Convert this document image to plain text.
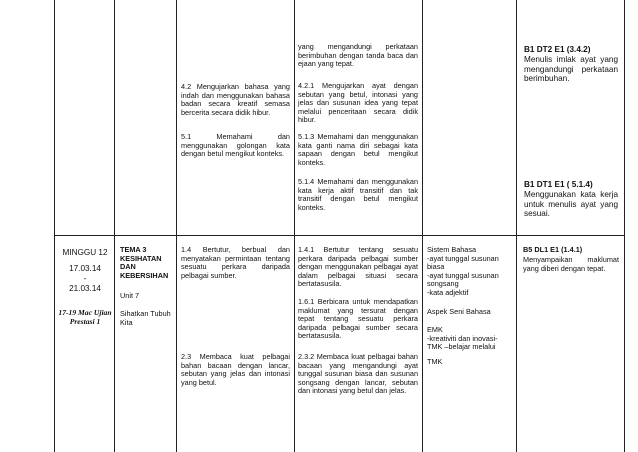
4.2 Mengujarkan bahasa yang indah dan menggunakan bahasa badan secara kreatif semasa bercerita secara didik hibur.
5.1 Memahami dan menggunakan golongan kata dengan betul mengikut konteks.
yang mengandungi perkataan berimbuhan dengan tanda baca dan ejaan yang tepat.
4.2.1 Mengujarkan ayat dengan sebutan yang betul, intonasi yang jelas dan susunan idea yang tepat melalui penceritaan secara didik hibur.
5.1.3 Memahami dan menggunakan kata ganti nama diri sebagai kata sapaan dengan betul mengikut konteks.
5.1.4 Memahami dan menggunakan kata kerja aktif transitif dan tak transitif dengan betul mengikut konteks.
B1 DT2 E1 (3.4.2)
Menulis imlak ayat yang mengandungi perkataan berimbuhan.
B1 DT1 E1 ( 5.1.4)
Menggunakan kata kerja untuk menulis ayat yang sesuai.
MINGGU 12
17.03.14
-
21.03.14
17-19 Mac Ujian Prestasi 1
TEMA 3 KESIHATAN DAN KEBERSIHAN
Unit 7
Sihatkan Tubuh Kita
1.4 Bertutur, berbual dan menyatakan permintaan tentang sesuatu perkara daripada pelbagai sumber.
2.3 Membaca kuat pelbagai bahan bacaan dengan lancar, sebutan yang jelas dan intonasi yang betul.
1.4.1 Bertutur tentang sesuatu perkara daripada pelbagai sumber dengan menggunakan pelbagai ayat dalam pelbagai situasi secara bertatasusila.
1.6.1 Berbicara untuk mendapatkan maklumat yang tersurat dengan tepat tentang sesuatu perkara daripada pelbagai sumber secara bertatasusila.
2.3.2 Membaca kuat pelbagai bahan bacaan yang mengandungi ayat tunggal susunan biasa dan susunan songsang dengan lancar, sebutan dan intonasi yang betul dan jelas.
Sistem Bahasa
-ayat tunggal susunan
biasa
-ayat tunggal susunan
songsang
-kata adjektif
Aspek Seni Bahasa
EMK
-kreativiti dan inovasi-
TMK –belajar melalui
TMK
B5 DL1 E1 (1.4.1)
Menyampaikan maklumat yang diberi dengan tepat.
